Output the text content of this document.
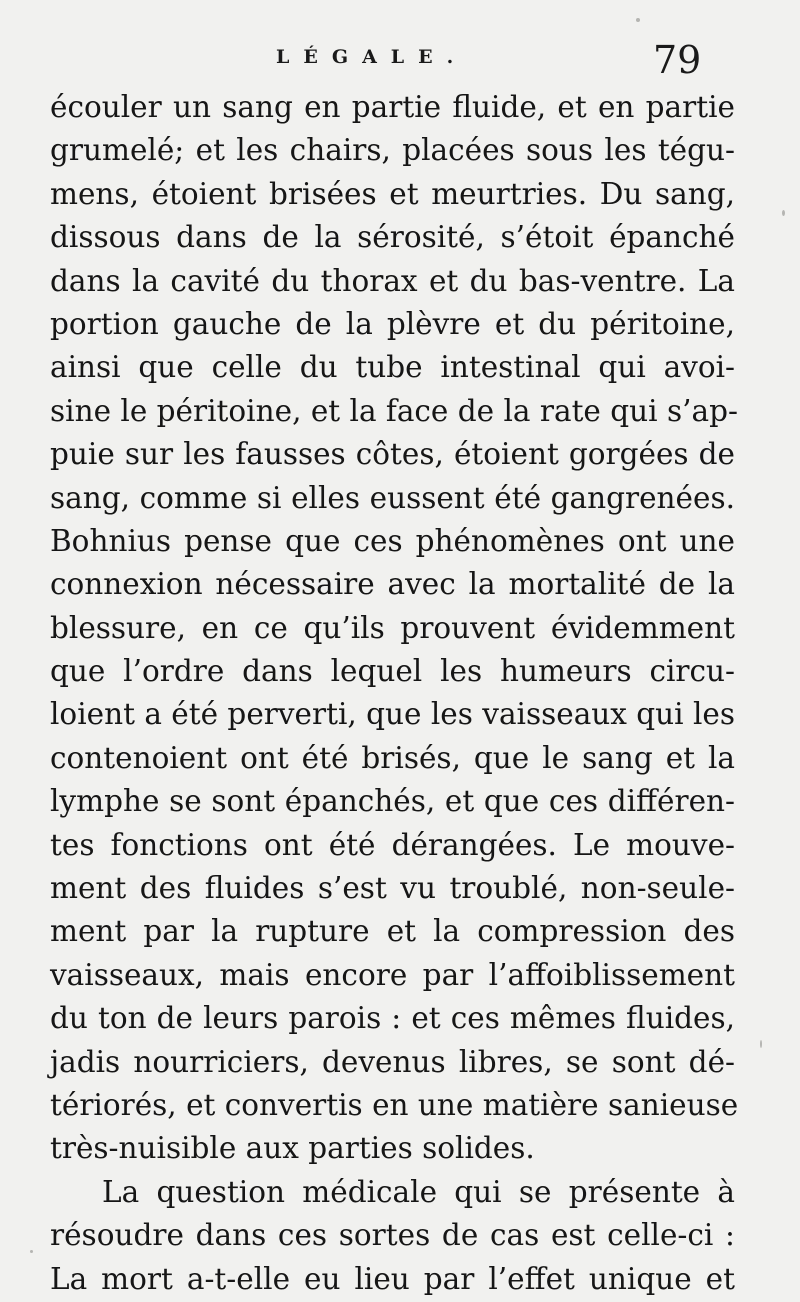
LÉGALE.	79
écouler un sang en partie fluide, et en partie
grumelé; et les chairs, placées sous les tégu-
mens, étoient brisées et meurtries. Du sang,
dissous dans de la sérosité, s’étoit épanché
dans la cavité du thorax et du bas-ventre. La
portion gauche de la plèvre et du péritoine,
ainsi que celle du tube intestinal qui avoi-
sine le péritoine, et la face de la rate qui s’ap-
puie sur les fausses côtes, étoient gorgées de
sang, comme si elles eussent été gangrenées.
Bohnius pense que ces phénomènes ont une
connexion nécessaire avec la mortalité de la
blessure, en ce qu’ils prouvent évidemment
que l’ordre dans lequel les humeurs circu-
loient a été perverti, que les vaisseaux qui les
contenoient ont été brisés, que le sang et la
lymphe se sont épanchés, et que ces différen-
tes fonctions ont été dérangées. Le mouve-
ment des fluides s’est vu troublé, non-seule-
ment par la rupture et la compression des
vaisseaux, mais encore par l’affoiblissement
du ton de leurs parois : et ces mêmes fluides,
jadis nourriciers, devenus libres, se sont dé-
tériorés, et convertis en une matière sanieuse
très-nuisible aux parties solides.
La question médicale qui se présente à
résoudre dans ces sortes de cas est celle-ci :
La mort a-t-elle eu lieu par l’effet unique et
